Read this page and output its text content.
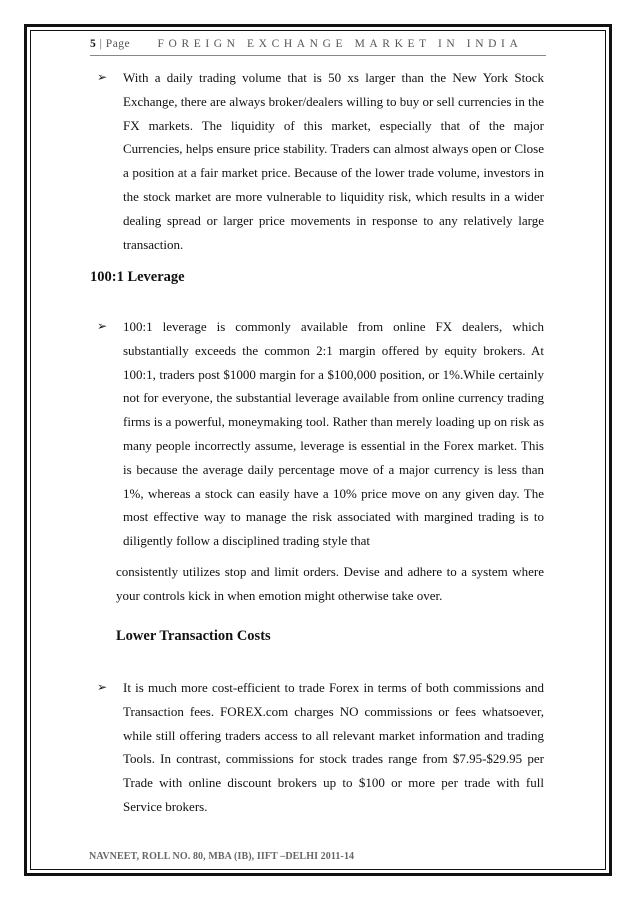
5 | Page FOREIGN EXCHANGE MARKET IN INDIA
➢ With a daily trading volume that is 50 xs larger than the New York Stock Exchange, there are always broker/dealers willing to buy or sell currencies in the FX markets. The liquidity of this market, especially that of the major Currencies, helps ensure price stability. Traders can almost always open or Close a position at a fair market price. Because of the lower trade volume, investors in the stock market are more vulnerable to liquidity risk, which results in a wider dealing spread or larger price movements in response to any relatively large transaction.
100:1 Leverage
➢ 100:1 leverage is commonly available from online FX dealers, which substantially exceeds the common 2:1 margin offered by equity brokers. At 100:1, traders post $1000 margin for a $100,000 position, or 1%.While certainly not for everyone, the substantial leverage available from online currency trading firms is a powerful, moneymaking tool. Rather than merely loading up on risk as many people incorrectly assume, leverage is essential in the Forex market. This is because the average daily percentage move of a major currency is less than 1%, whereas a stock can easily have a 10% price move on any given day. The most effective way to manage the risk associated with margined trading is to diligently follow a disciplined trading style that
consistently utilizes stop and limit orders. Devise and adhere to a system where your controls kick in when emotion might otherwise take over.
Lower Transaction Costs
➢ It is much more cost-efficient to trade Forex in terms of both commissions and Transaction fees. FOREX.com charges NO commissions or fees whatsoever, while still offering traders access to all relevant market information and trading Tools. In contrast, commissions for stock trades range from $7.95-$29.95 per Trade with online discount brokers up to $100 or more per trade with full Service brokers.
NAVNEET, ROLL NO. 80, MBA (IB), IIFT –DELHI 2011-14
